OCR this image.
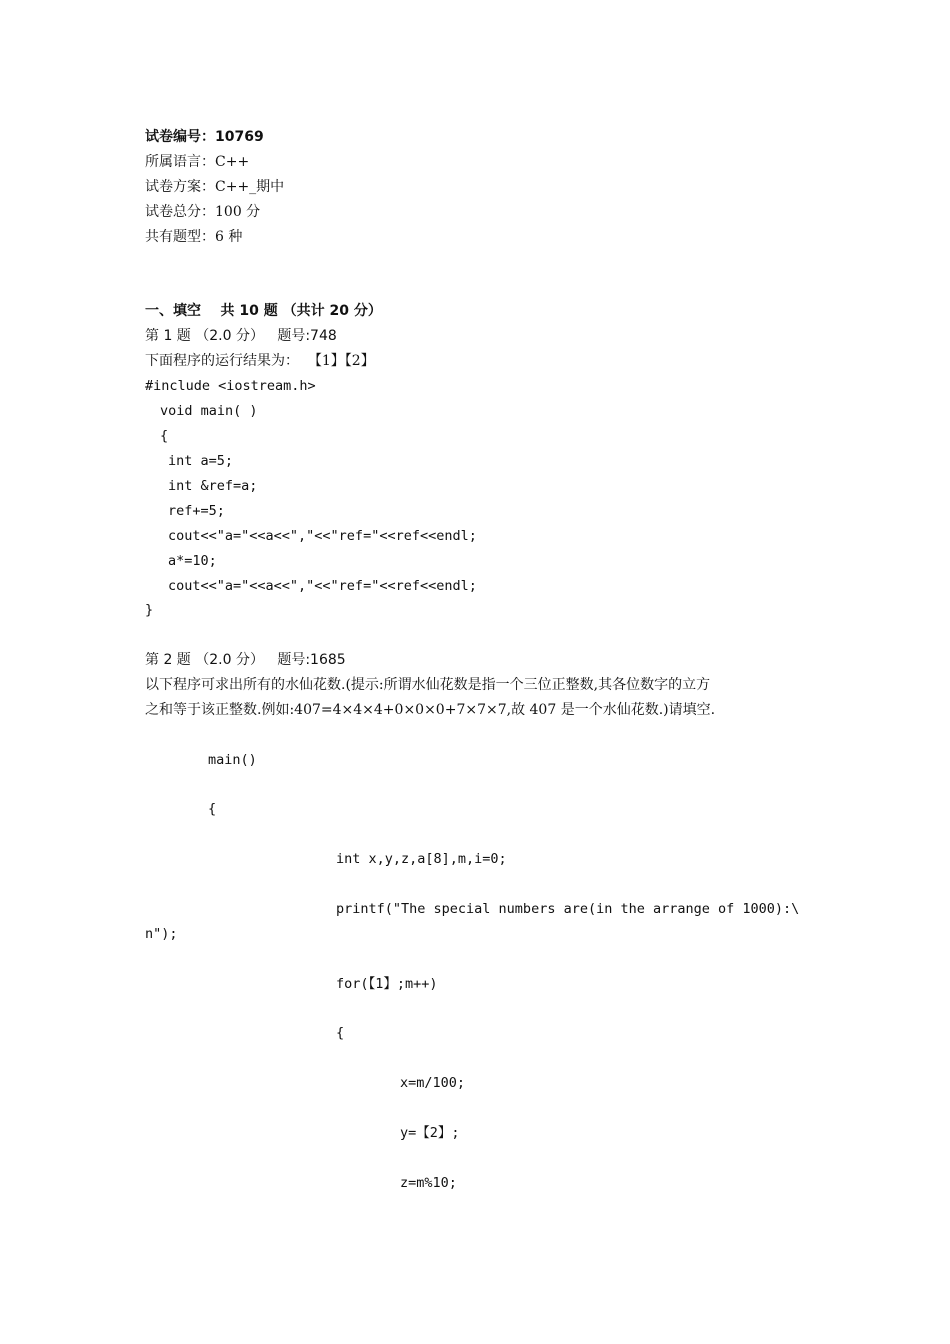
试卷编号：10769
所属语言：C++
试卷方案：C++_期中
试卷总分：100 分
共有题型：6 种
一、填空    共 10 题 （共计 20 分）
第 1 题 （2.0 分）   题号:748
下面程序的运行结果为：  【1】【2】
#include <iostream.h>
void main( )
{
int a=5;
int &ref=a;
ref+=5;
cout<<"a="<<a<<","<<"ref="<<ref<<endl;
a*=10;
cout<<"a="<<a<<","<<"ref="<<ref<<endl;
}
第 2 题 （2.0 分）   题号:1685
以下程序可求出所有的水仙花数.(提示:所谓水仙花数是指一个三位正整数,其各位数字的立方
之和等于该正整数.例如:407=4×4×4+0×0×0+7×7×7,故 407 是一个水仙花数.)请填空.
main()
{
int x,y,z,a[8],m,i=0;
printf("The special numbers are(in the arrange of 1000):\
n");
for(【1】;m++)
{
x=m/100;
y=【2】;
z=m%10;
